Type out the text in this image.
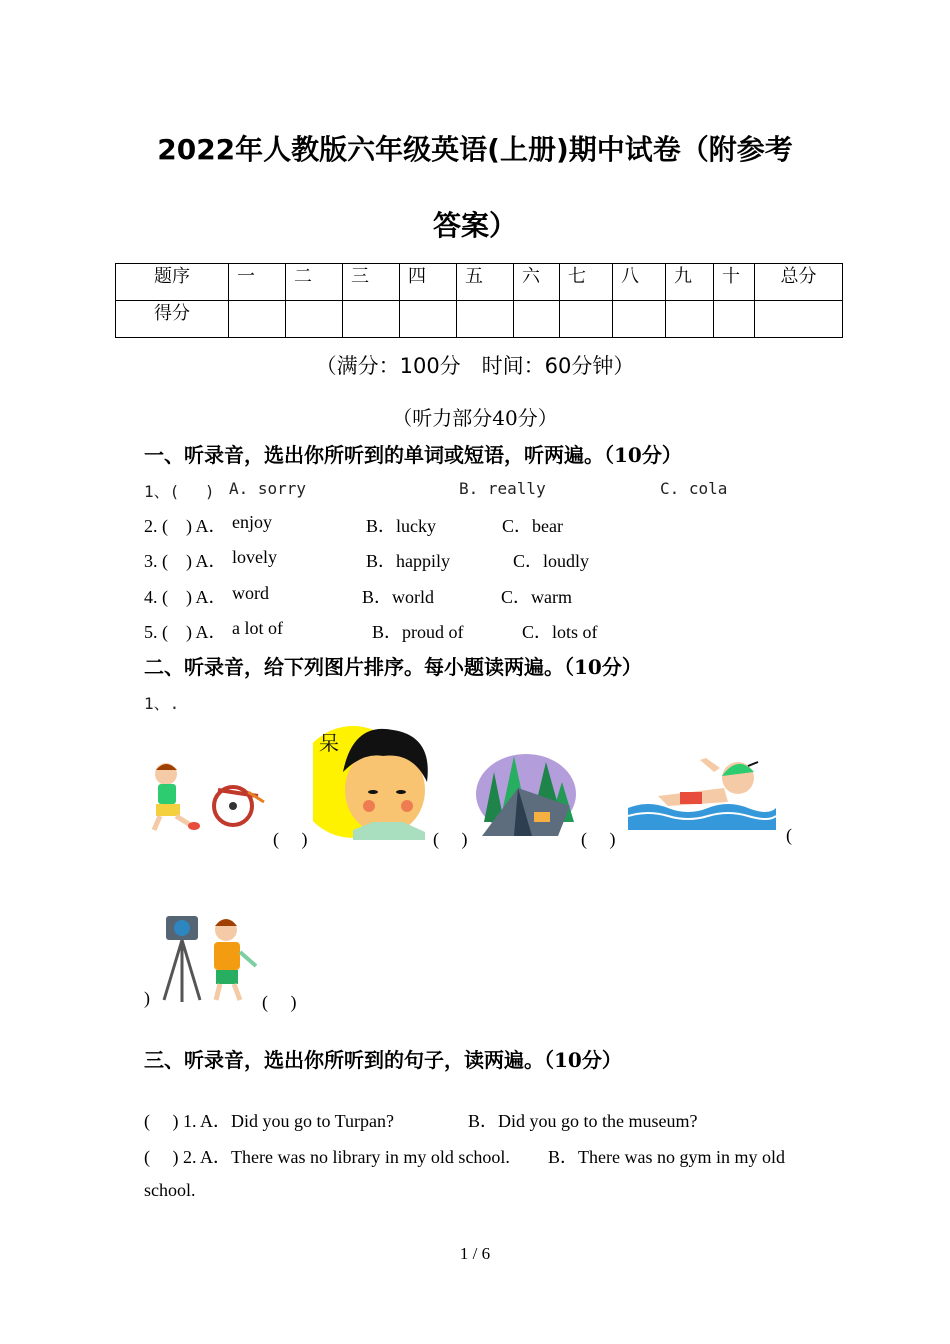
2022年人教版六年级英语(上册)期中试卷（附参考
答案）
题序	一	二	三	四	五	六	七	八	九	十	总分
得分											
（满分：100分　时间：60分钟）
（听力部分40分）
一、听录音，选出你所听到的单词或短语，听两遍。（10分）
1、(　 ) A. sorry	B. really	C. cola
2. (　) A． enjoy	B．lucky	C．bear
3. (　) A． lovely	B．happily	C．loudly
4. (　) A． word	B．world	C．warm
5. (　) A． a lot of	B．proud of	C．lots of
二、听录音，给下列图片排序。每小题读两遍。（10分）
1、.
(　 )
呆
(　 )	(　 )	(
)	(　 )
三、听录音，选出你所听到的句子，读两遍。（10分）
(　 ) 1. A．Did you go to Turpan?	B．Did you go to the museum?
(　 ) 2. A．There was no library in my old school. B．There was no gym in my old
school.
1 / 6
